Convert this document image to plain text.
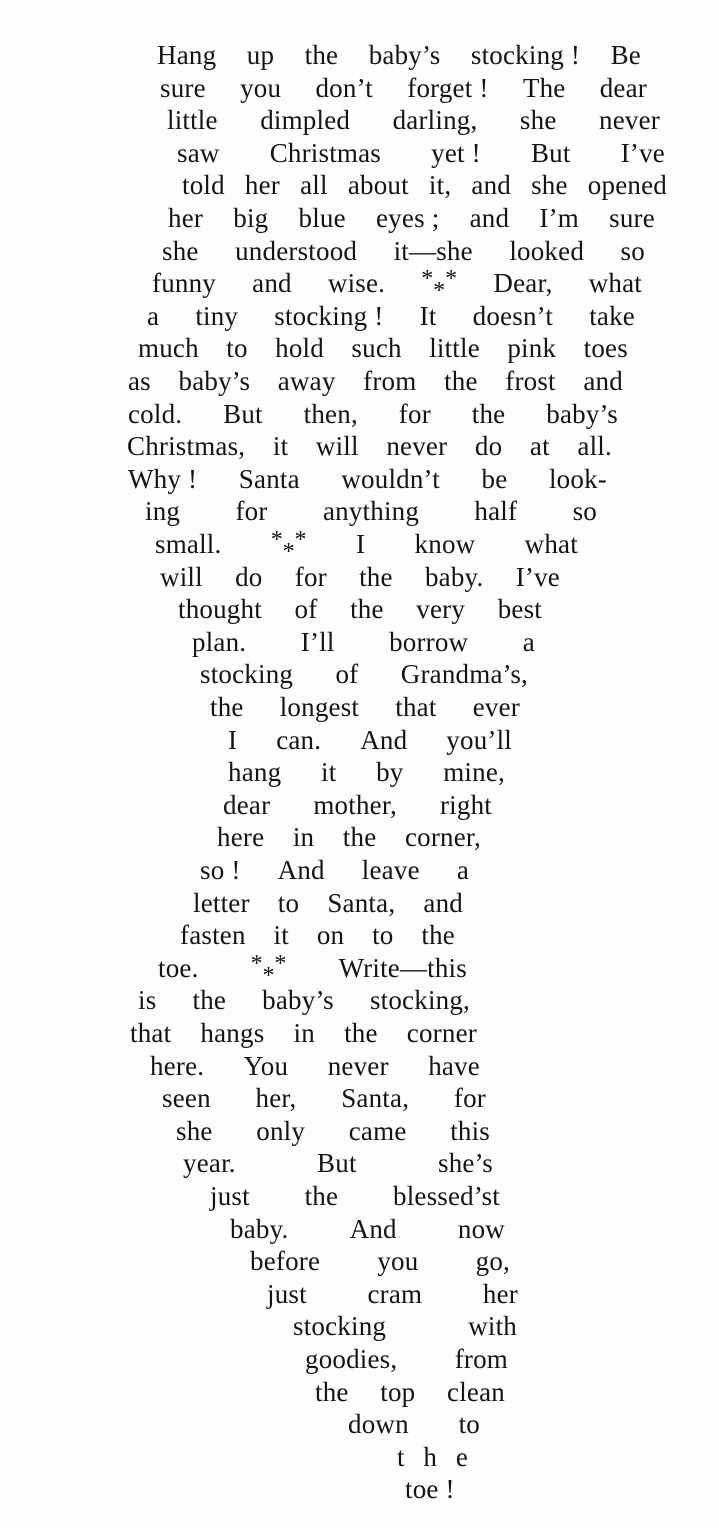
Hang up the baby’s stocking ! Be
sure you don’t forget ! The dear
little dimpled darling, she never
saw Christmas yet ! But I’ve
told her all about it, and she opened
her big blue eyes ; and I’m sure
she understood it—she looked so
funny and wise. * *
* Dear, what
a tiny stocking ! It doesn’t take
much to hold such little pink toes
as baby’s away from the frost and
cold. But then, for the baby’s
Christmas, it will never do at all.
Why ! Santa wouldn’t be look-
ing for anything half so
small. * *
* I know what
will do for the baby. I’ve
thought of the very best
plan. I’ll borrow a
stocking of Grandma’s,
the longest that ever
I can. And you’ll
hang it by mine,
dear mother, right
here in the corner,
so ! And leave a
letter to Santa, and
fasten it on to the
toe. * *
* Write—this
is the baby’s stocking,
that hangs in the corner
here. You never have
seen her, Santa, for
she only came this
year.	But	she’s
just the blessed’st
baby. And now
before you go,
just cram her
stocking	with
goodies, from
the top clean
down to
t h e
toe !
